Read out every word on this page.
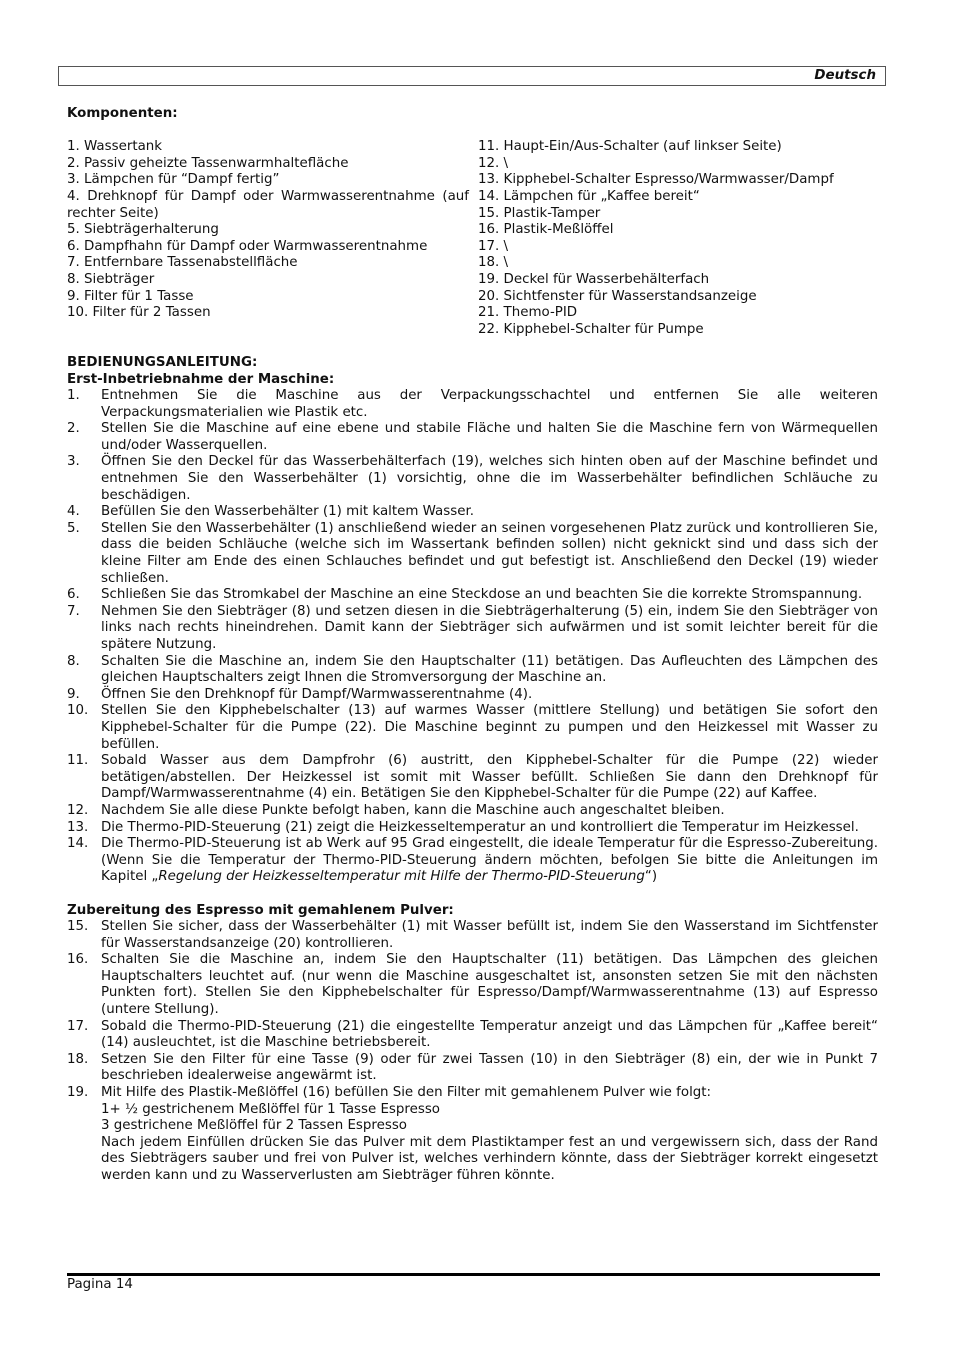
Deutsch
Komponenten:
1. Wassertank
2. Passiv geheizte Tassenwarmhaltefläche
3. Lämpchen für “Dampf fertig”
4. Drehknopf für Dampf oder Warmwasserentnahme (auf rechter Seite)
5. Siebträgerhalterung
6. Dampfhahn für Dampf oder Warmwasserentnahme
7. Entfernbare Tassenabstellfläche
8. Siebträger
9. Filter für 1 Tasse
10. Filter für 2 Tassen
11. Haupt-Ein/Aus-Schalter (auf linkser Seite)
12. \
13. Kipphebel-Schalter Espresso/Warmwasser/Dampf
14. Lämpchen für „Kaffee bereit“
15. Plastik-Tamper
16. Plastik-Meßlöffel
17. \
18. \
19. Deckel für Wasserbehälterfach
20. Sichtfenster für Wasserstandsanzeige
21. Themo-PID
22. Kipphebel-Schalter für Pumpe
BEDIENUNGSANLEITUNG:
Erst-Inbetriebnahme der Maschine:
1.	Entnehmen Sie die Maschine aus der Verpackungsschachtel und entfernen Sie alle weiteren Verpackungsmaterialien wie Plastik etc.
2.	Stellen Sie die Maschine auf eine ebene und stabile Fläche und halten Sie die Maschine fern von Wärmequellen und/oder Wasserquellen.
3.	Öffnen Sie den Deckel für das Wasserbehälterfach (19), welches sich hinten oben auf der Maschine befindet und entnehmen Sie den Wasserbehälter (1) vorsichtig, ohne die im Wasserbehälter befindlichen Schläuche zu beschädigen.
4.	Befüllen Sie den Wasserbehälter (1) mit kaltem Wasser.
5.	Stellen Sie den Wasserbehälter (1) anschließend wieder an seinen vorgesehenen Platz zurück und kontrollieren Sie, dass die beiden Schläuche (welche sich im Wassertank befinden sollen) nicht geknickt sind und dass sich der kleine Filter am Ende des einen Schlauches befindet und gut befestigt ist. Anschließend den Deckel (19) wieder schließen.
6.	Schließen Sie das Stromkabel der Maschine an eine Steckdose an und beachten Sie die korrekte Stromspannung.
7.	Nehmen Sie den Siebträger (8) und setzen diesen in die Siebträgerhalterung (5) ein, indem Sie den Siebträger von links nach rechts hineindrehen. Damit kann der Siebträger sich aufwärmen und ist somit leichter bereit für die spätere Nutzung.
8.	Schalten Sie die Maschine an, indem Sie den Hauptschalter (11) betätigen. Das Aufleuchten des Lämpchen des gleichen Hauptschalters zeigt Ihnen die Stromversorgung der Maschine an.
9.	Öffnen Sie den Drehknopf für Dampf/Warmwasserentnahme (4).
10. Stellen Sie den Kipphebelschalter (13) auf warmes Wasser (mittlere Stellung) und betätigen Sie sofort den Kipphebel-Schalter für die Pumpe (22). Die Maschine beginnt zu pumpen und den Heizkessel mit Wasser zu befüllen.
11. Sobald Wasser aus dem Dampfrohr (6) austritt, den Kipphebel-Schalter für die Pumpe (22) wieder betätigen/abstellen. Der Heizkessel ist somit mit Wasser befüllt. Schließen Sie dann den Drehknopf für Dampf/Warmwasserentnahme (4) ein. Betätigen Sie den Kipphebel-Schalter für die Pumpe (22) auf Kaffee.
12. Nachdem Sie alle diese Punkte befolgt haben, kann die Maschine auch angeschaltet bleiben.
13. Die Thermo-PID-Steuerung (21) zeigt die Heizkesseltemperatur an und kontrolliert die Temperatur im Heizkessel.
14. Die Thermo-PID-Steuerung ist ab Werk auf 95 Grad eingestellt, die ideale Temperatur für die Espresso-Zubereitung. (Wenn Sie die Temperatur der Thermo-PID-Steuerung ändern möchten, befolgen Sie bitte die Anleitungen im Kapitel „Regelung der Heizkesseltemperatur mit Hilfe der Thermo-PID-Steuerung“)
Zubereitung des Espresso mit gemahlenem Pulver:
15. Stellen Sie sicher, dass der Wasserbehälter (1) mit Wasser befüllt ist, indem Sie den Wasserstand im Sichtfenster für Wasserstandsanzeige (20) kontrollieren.
16. Schalten Sie die Maschine an, indem Sie den Hauptschalter (11) betätigen. Das Lämpchen des gleichen Hauptschalters leuchtet auf. (nur wenn die Maschine ausgeschaltet ist, ansonsten setzen Sie mit den nächsten Punkten fort). Stellen Sie den Kipphebelschalter für Espresso/Dampf/Warmwasserentnahme (13) auf Espresso (untere Stellung).
17. Sobald die Thermo-PID-Steuerung (21) die eingestellte Temperatur anzeigt und das Lämpchen für „Kaffee bereit“ (14) ausleuchtet, ist die Maschine betriebsbereit.
18. Setzen Sie den Filter für eine Tasse (9) oder für zwei Tassen (10) in den Siebträger (8) ein, der wie in Punkt 7 beschrieben idealerweise angewärmt ist.
19. Mit Hilfe des Plastik-Meßlöffel (16) befüllen Sie den Filter mit gemahlenem Pulver wie folgt:
1+ ½ gestrichenem Meßlöffel für 1 Tasse Espresso
3 gestrichene Meßlöffel für 2 Tassen Espresso
Nach jedem Einfüllen drücken Sie das Pulver mit dem Plastiktamper fest an und vergewissern sich, dass der Rand des Siebträgers sauber und frei von Pulver ist, welches verhindern könnte, dass der Siebträger korrekt eingesetzt werden kann und zu Wasserverlusten am Siebträger führen könnte.
Pagina 14
